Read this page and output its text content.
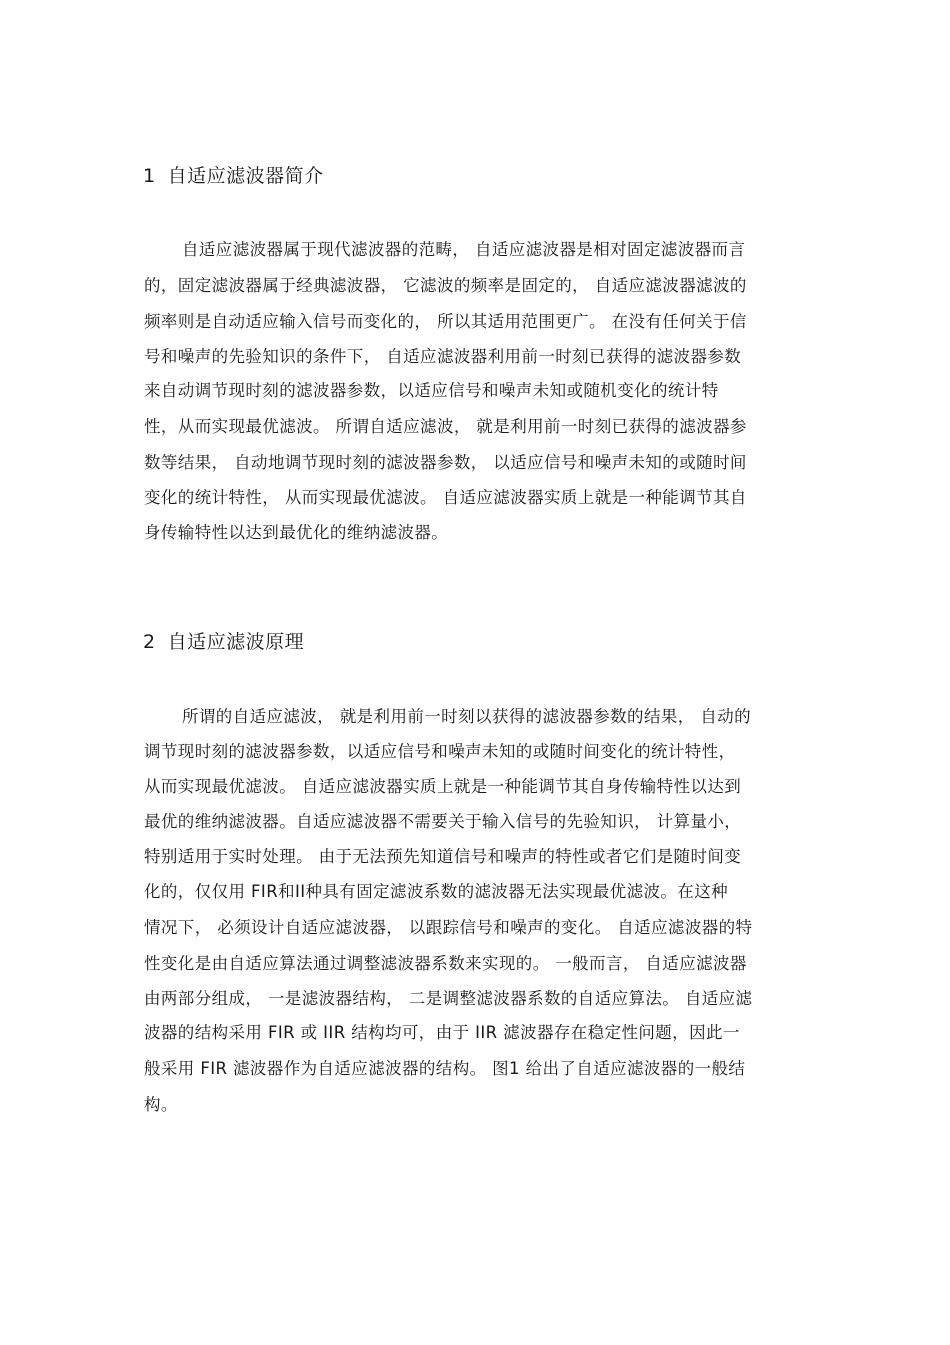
1 自适应滤波器简介
自适应滤波器属于现代滤波器的范畴， 自适应滤波器是相对固定滤波器而言
的，固定滤波器属于经典滤波器， 它滤波的频率是固定的， 自适应滤波器滤波的
频率则是自动适应输入信号而变化的， 所以其适用范围更广。 在没有任何关于信
号和噪声的先验知识的条件下， 自适应滤波器利用前一时刻已获得的滤波器参数
来自动调节现时刻的滤波器参数，以适应信号和噪声未知或随机变化的统计特
性，从而实现最优滤波。 所谓自适应滤波， 就是利用前一时刻已获得的滤波器参
数等结果， 自动地调节现时刻的滤波器参数， 以适应信号和噪声未知的或随时间
变化的统计特性， 从而实现最优滤波。 自适应滤波器实质上就是一种能调节其自
身传输特性以达到最优化的维纳滤波器。
2 自适应滤波原理
所谓的自适应滤波， 就是利用前一时刻以获得的滤波器参数的结果， 自动的
调节现时刻的滤波器参数，以适应信号和噪声未知的或随时间变化的统计特性，
从而实现最优滤波。 自适应滤波器实质上就是一种能调节其自身传输特性以达到
最优的维纳滤波器。自适应滤波器不需要关于输入信号的先验知识， 计算量小，
特别适用于实时处理。 由于无法预先知道信号和噪声的特性或者它们是随时间变
化的，仅仅用 FIR和II种具有固定滤波系数的滤波器无法实现最优滤波。在这种
情况下， 必须设计自适应滤波器， 以跟踪信号和噪声的变化。 自适应滤波器的特
性变化是由自适应算法通过调整滤波器系数来实现的。 一般而言， 自适应滤波器
由两部分组成， 一是滤波器结构， 二是调整滤波器系数的自适应算法。 自适应滤
波器的结构采用 FIR 或 IIR 结构均可，由于 IIR 滤波器存在稳定性问题，因此一
般采用 FIR 滤波器作为自适应滤波器的结构。 图1 给出了自适应滤波器的一般结
构。
